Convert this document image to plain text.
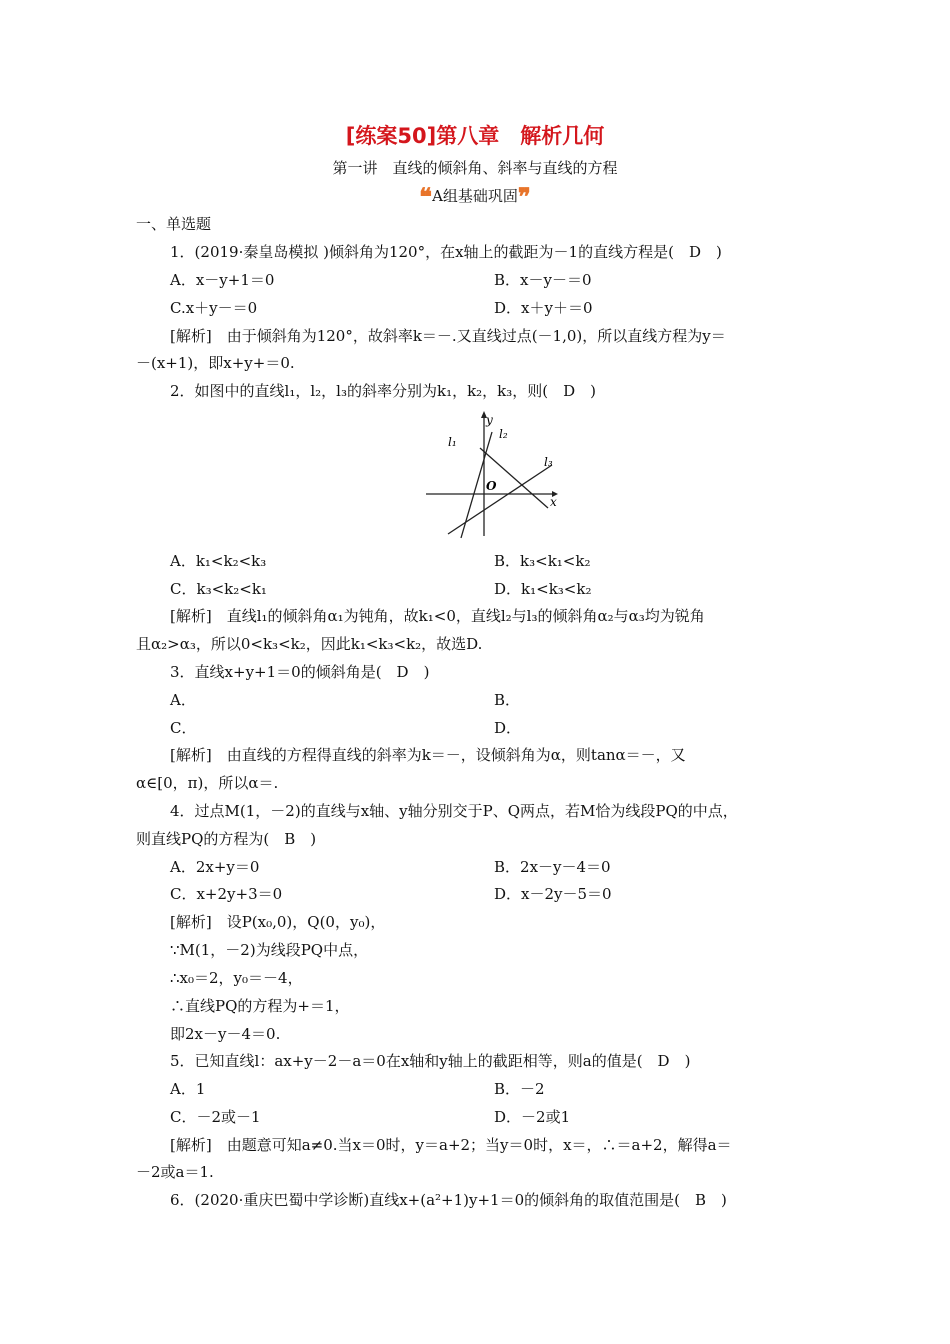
[练案50]第八章　解析几何
第一讲　直线的倾斜角、斜率与直线的方程
❝A组基础巩固❞
一、单选题
1．(2019·秦皇岛模拟 )倾斜角为120°，在x轴上的截距为－1的直线方程是(　D　)
A．x－y+1＝0	B．x－y－＝0
C.x＋y－＝0	D．x＋y＋＝0
[解析]　由于倾斜角为120°，故斜率k＝－.又直线过点(－1,0)，所以直线方程为y＝
－(x+1)，即x+y+＝0.
2．如图中的直线l₁，l₂，l₃的斜率分别为k₁，k₂，k₃，则(　D　)
l₁
y
l₂
l₃
O
x
A．k₁<k₂<k₃	B．k₃<k₁<k₂
C．k₃<k₂<k₁	D．k₁<k₃<k₂
[解析]　直线l₁的倾斜角α₁为钝角，故k₁<0，直线l₂与l₃的倾斜角α₂与α₃均为锐角
且α₂>α₃，所以0<k₃<k₂，因此k₁<k₃<k₂，故选D.
3．直线x+y+1＝0的倾斜角是(　D　)
A．	B．
C．	D．
[解析]　由直线的方程得直线的斜率为k＝－，设倾斜角为α，则tanα＝－，又
α∈[0，π)，所以α＝.
4．过点M(1，－2)的直线与x轴、y轴分别交于P、Q两点，若M恰为线段PQ的中点，
则直线PQ的方程为(　B　)
A．2x+y＝0	B．2x－y－4＝0
C．x+2y+3＝0	D．x－2y－5＝0
[解析]　设P(x₀,0)，Q(0，y₀)，
∵M(1，－2)为线段PQ中点，
∴x₀＝2，y₀＝－4，
∴直线PQ的方程为+＝1，
即2x－y－4＝0.
5．已知直线l：ax+y－2－a＝0在x轴和y轴上的截距相等，则a的值是(　D　)
A．1	B．－2
C．－2或－1	D．－2或1
[解析]　由题意可知a≠0.当x＝0时，y＝a+2；当y＝0时，x＝，∴＝a+2，解得a＝
－2或a＝1.
6．(2020·重庆巴蜀中学诊断)直线x+(a²+1)y+1＝0的倾斜角的取值范围是(　B　)
